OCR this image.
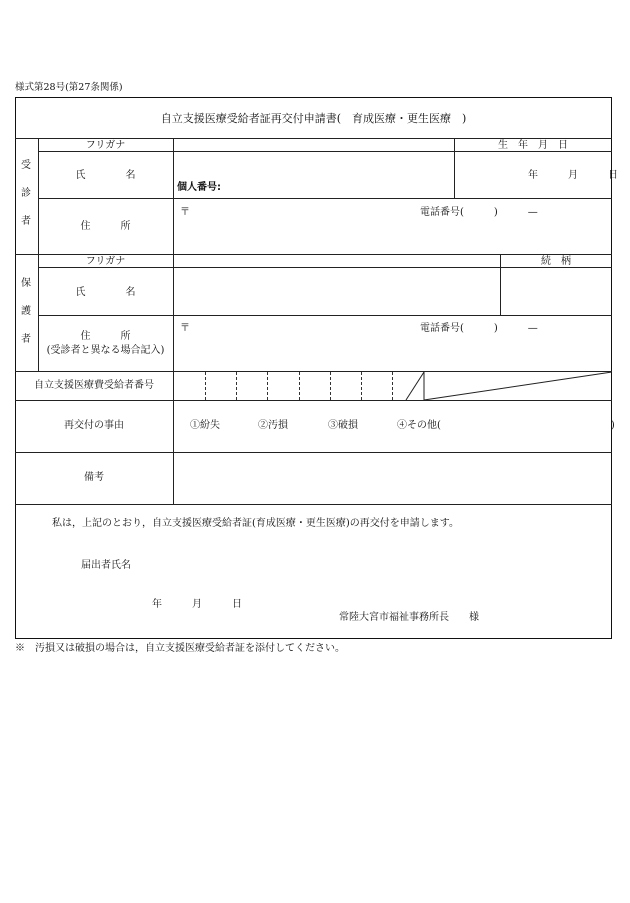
様式第28号(第27条関係)
自立支援医療受給者証再交付申請書(　育成医療・更生医療　)
受
診
者
フリガナ	生　年　月　日
氏　　　　名
個人番号:
年　　　月　　　日
住　　　所
〒	電話番号(　　　)　　　—
保
護
者
フリガナ	続　柄
氏　　　　名
住　　　所
(受診者と異なる場合記入)
〒	電話番号(　　　)　　　—
自立支援医療費受給者番号
再交付の事由	①紛失	②汚損	③破損	④その他(　　　　　　　　　　　　　　　　　)
備考
私は，上記のとおり，自立支援医療受給者証(育成医療・更生医療)の再交付を申請します。
届出者氏名
年　　　月　　　日
常陸大宮市福祉事務所長　　様
※　汚損又は破損の場合は，自立支援医療受給者証を添付してください。
